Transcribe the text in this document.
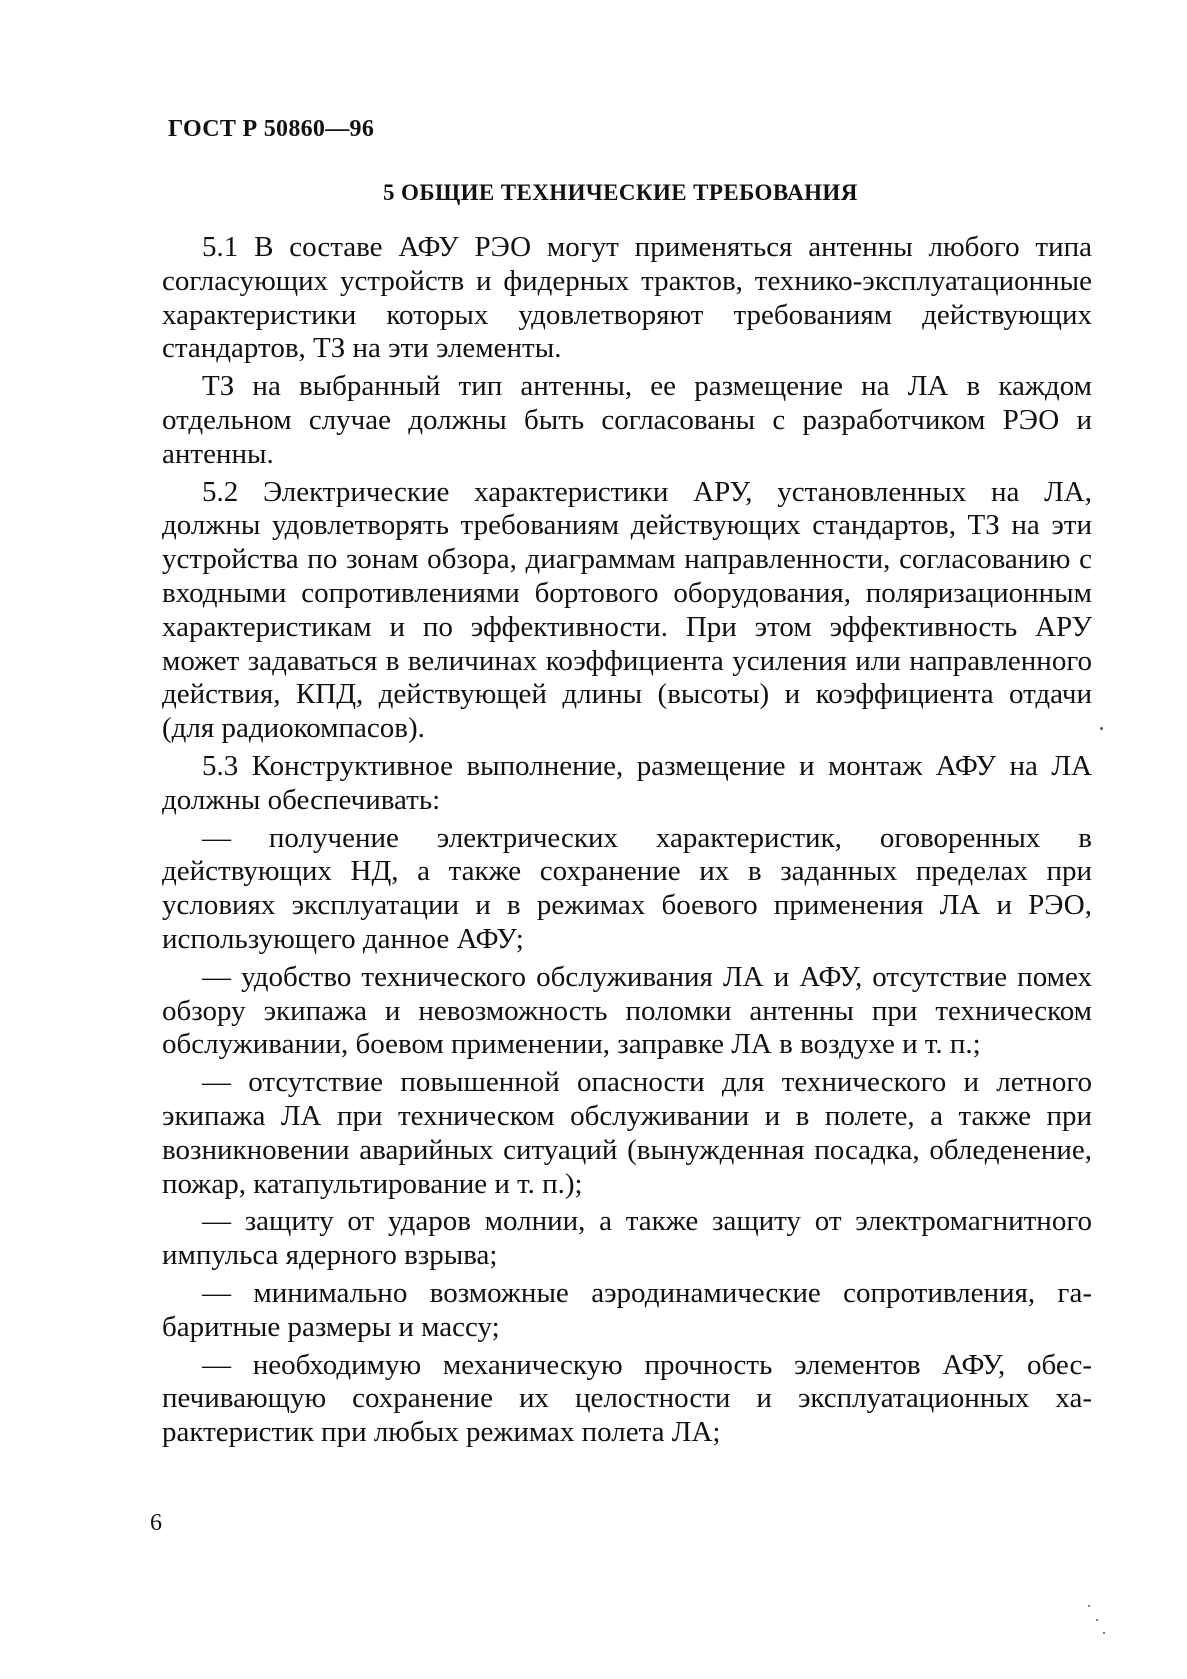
ГОСТ Р 50860—96
5 ОБЩИЕ ТЕХНИЧЕСКИЕ ТРЕБОВАНИЯ

5.1 В составе АФУ РЭО могут применяться антенны любого типа согласующих устройств и фидерных трактов, технико-эксплуатационные характеристики которых удовлетворяют требованиям действующих стандартов, ТЗ на эти элементы.

ТЗ на выбранный тип антенны, ее размещение на ЛА в каждом отдельном случае должны быть согласованы с разработчиком РЭО и антенны.

5.2 Электрические характеристики АРУ, установленных на ЛА, должны удовлетворять требованиям действующих стандартов, ТЗ на эти устройства по зонам обзора, диаграммам направленности, согласованию с входными сопротивлениями бортового оборудования, поляризационным характеристикам и по эффективности. При этом эффективность АРУ может задаваться в величинах коэффициента усиления или направленного действия, КПД, действующей длины (высоты) и коэффициента отдачи (для радиокомпасов).

5.3 Конструктивное выполнение, размещение и монтаж АФУ на ЛА должны обеспечивать:

— получение электрических характеристик, оговоренных в действующих НД, а также сохранение их в заданных пределах при условиях эксплуатации и в режимах боевого применения ЛА и РЭО, использующего данное АФУ;

— удобство технического обслуживания ЛА и АФУ, отсутствие помех обзору экипажа и невозможность поломки антенны при техническом обслуживании, боевом применении, заправке ЛА в воздухе и т. п.;

— отсутствие повышенной опасности для технического и летного экипажа ЛА при техническом обслуживании и в полете, а также при возникновении аварийных ситуаций (вынужденная посадка, обледенение, пожар, катапультирование и т. п.);

— защиту от ударов молнии, а также защиту от электромагнитного импульса ядерного взрыва;

— минимально возможные аэродинамические сопротивления, габаритные размеры и массу;

— необходимую механическую прочность элементов АФУ, обеспечивающую сохранение их целостности и эксплуатационных характеристик при любых режимах полета ЛА;

6
